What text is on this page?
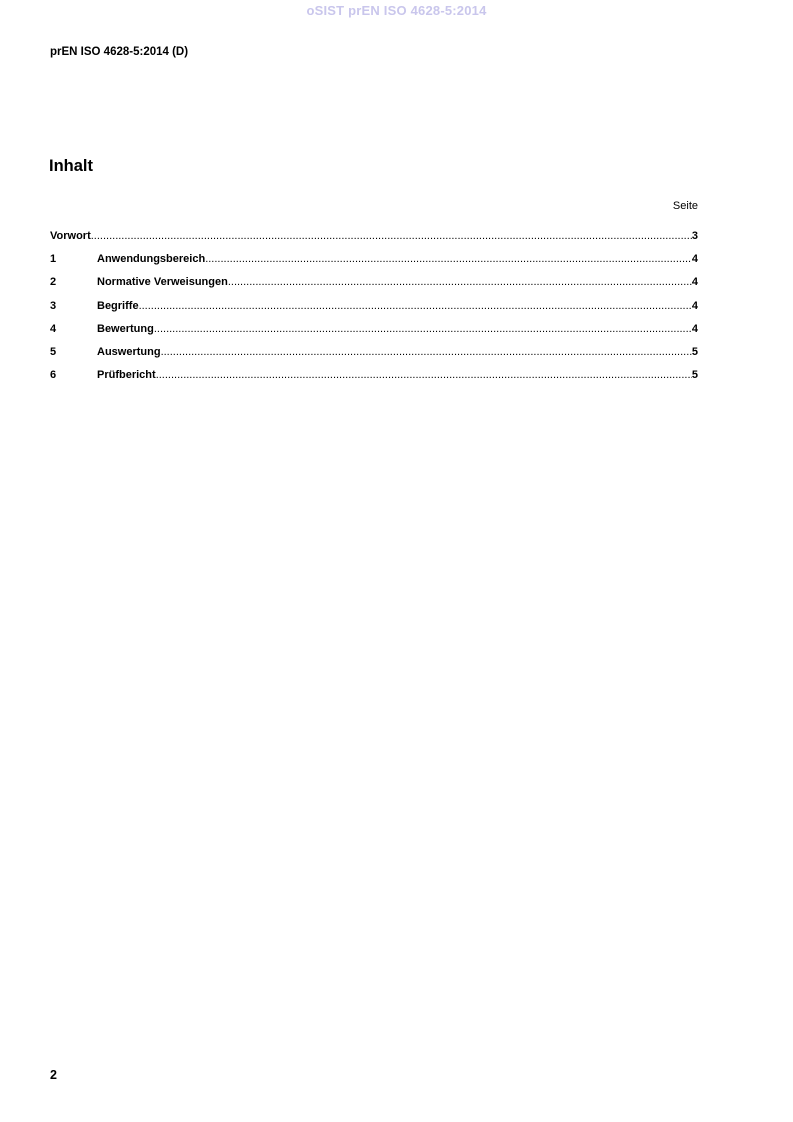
oSIST prEN ISO 4628-5:2014
prEN ISO 4628-5:2014 (D)
Inhalt
Seite
Vorwort .....	3
1	Anwendungsbereich .....	4
2	Normative Verweisungen .....	4
3	Begriffe .....	4
4	Bewertung .....	4
5	Auswertung .....	5
6	Prüfbericht .....	5
2
